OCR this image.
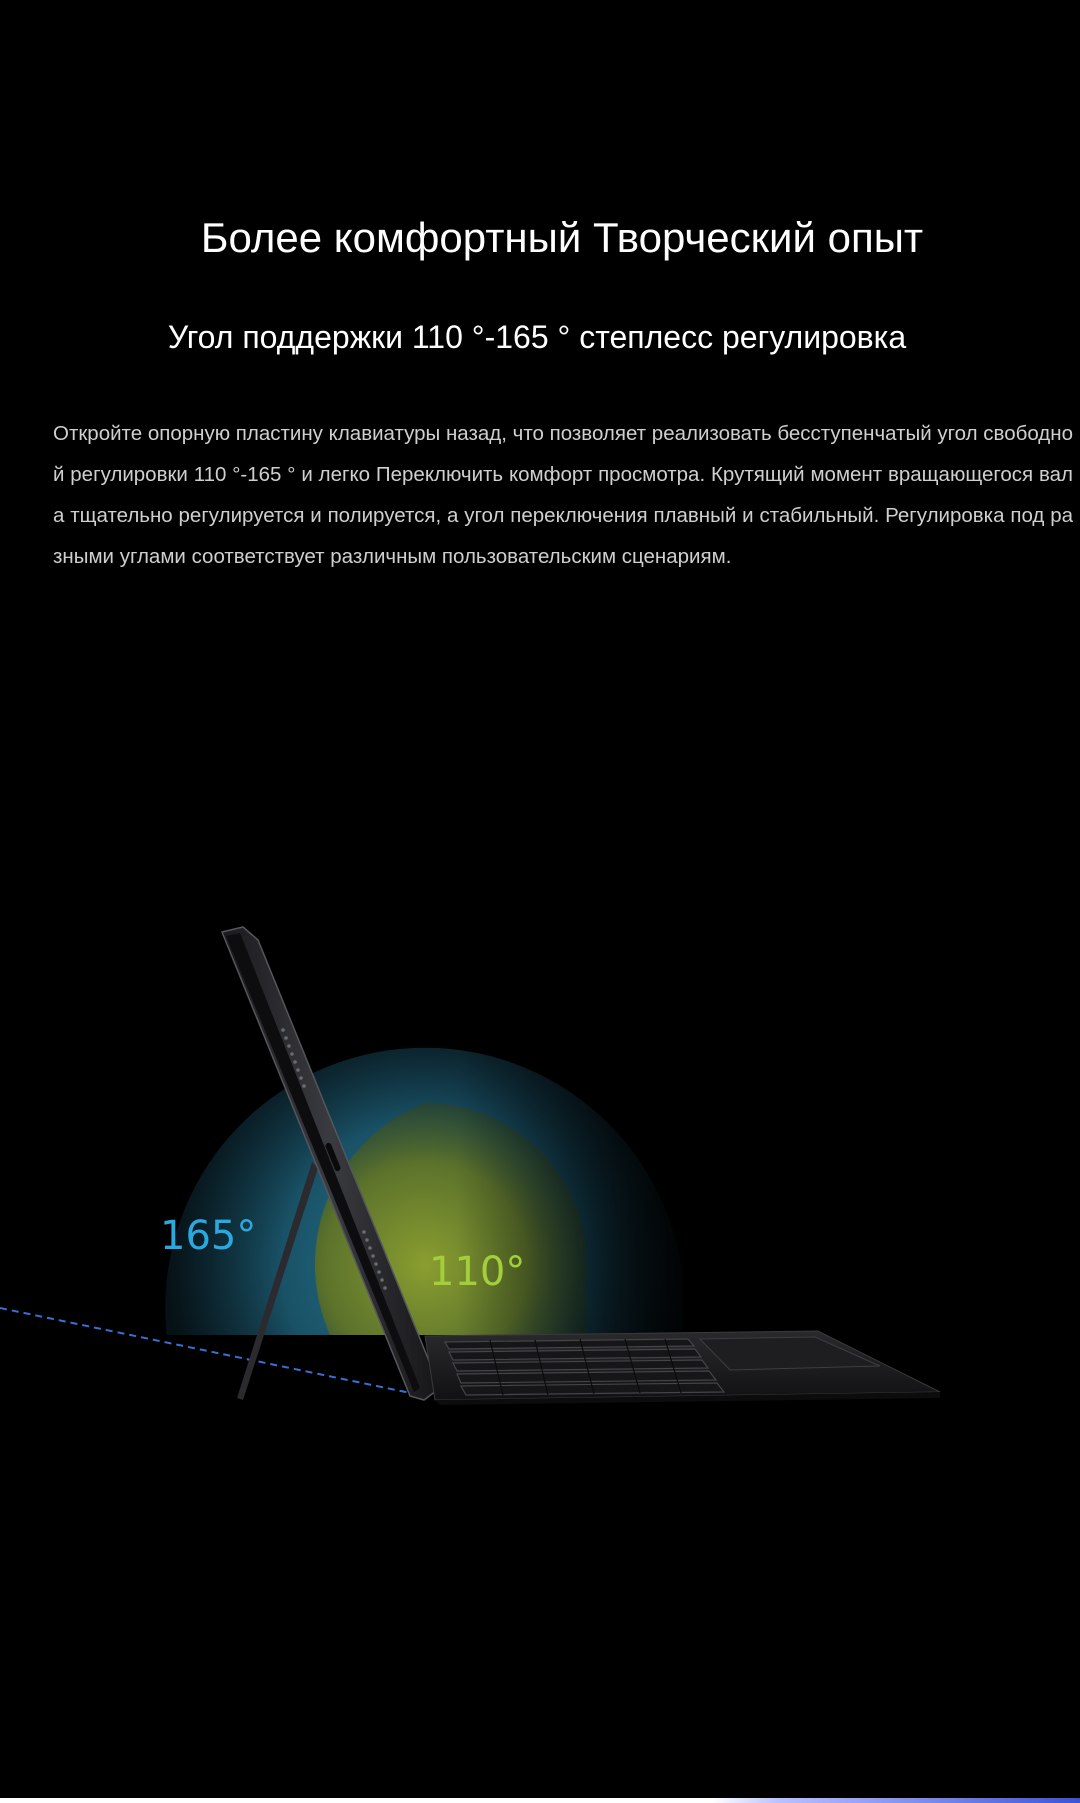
Более комфортный Творческий опыт
Угол поддержки 110 °-165 ° степлесс регулировка

Откройте опорную пластину клавиатуры назад, что позволяет реализовать бесступенчатый угол свободной регулировки 110 °-165 ° и легко Переключить комфорт просмотра. Крутящий момент вращающегося вала тщательно регулируется и полируется, а угол переключения плавный и стабильный. Регулировка под разными углами соответствует различным пользовательским сценариям.

165°
110°
